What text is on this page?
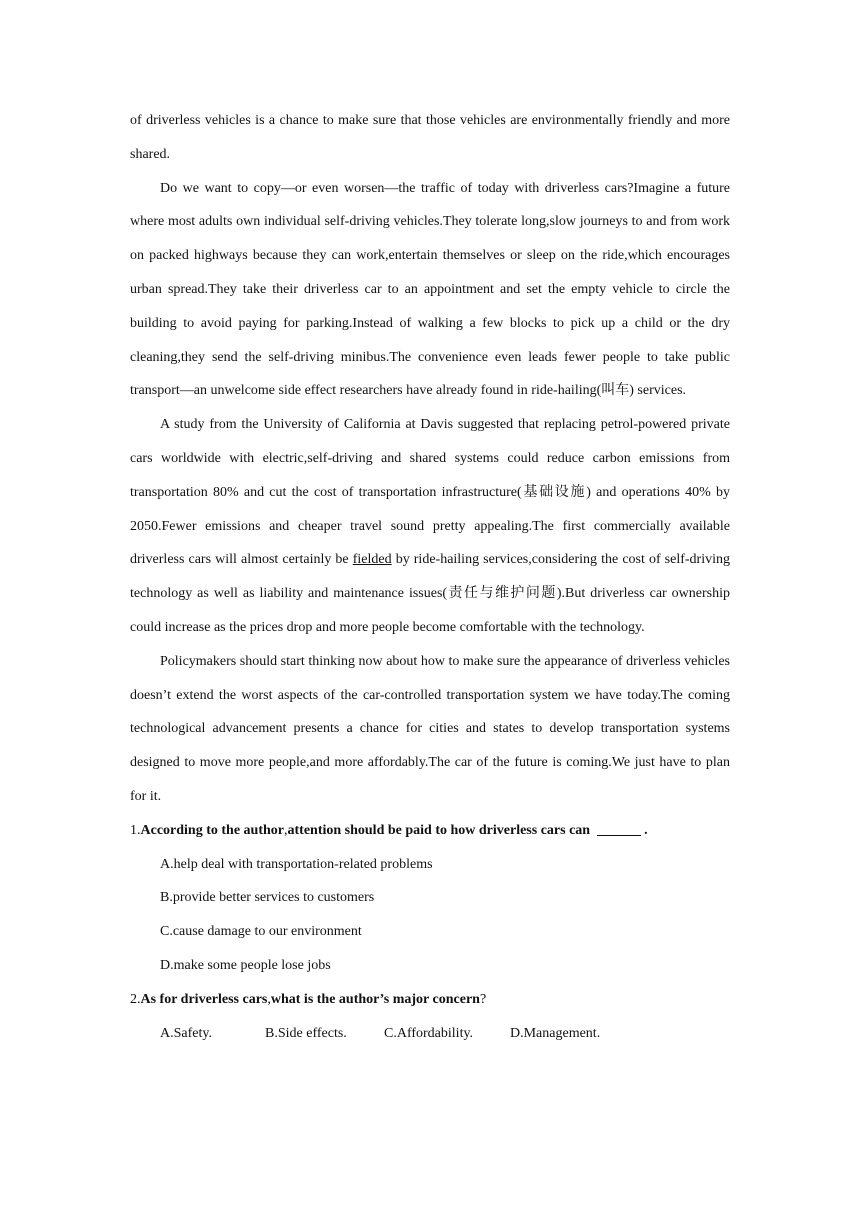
of driverless vehicles is a chance to make sure that those vehicles are environmentally friendly and more shared.

Do we want to copy—or even worsen—the traffic of today with driverless cars?Imagine a future where most adults own individual self-driving vehicles.They tolerate long,slow journeys to and from work on packed highways because they can work,entertain themselves or sleep on the ride,which encourages urban spread.They take their driverless car to an appointment and set the empty vehicle to circle the building to avoid paying for parking.Instead of walking a few blocks to pick up a child or the dry cleaning,they send the self-driving minibus.The convenience even leads fewer people to take public transport—an unwelcome side effect researchers have already found in ride-hailing(叫车) services.

A study from the University of California at Davis suggested that replacing petrol-powered private cars worldwide with electric,self-driving and shared systems could reduce carbon emissions from transportation 80% and cut the cost of transportation infrastructure(基础设施) and operations 40% by 2050.Fewer emissions and cheaper travel sound pretty appealing.The first commercially available driverless cars will almost certainly be fielded by ride-hailing services,considering the cost of self-driving technology as well as liability and maintenance issues(责任与维护问题).But driverless car ownership could increase as the prices drop and more people become comfortable with the technology.

Policymakers should start thinking now about how to make sure the appearance of driverless vehicles doesn’t extend the worst aspects of the car-controlled transportation system we have today.The coming technological advancement presents a chance for cities and states to develop transportation systems designed to move more people,and more affordably.The car of the future is coming.We just have to plan for it.

1.According to the author,attention should be paid to how driverless cars can	.

A.help deal with transportation-related problems

B.provide better services to customers

C.cause damage to our environment

D.make some people lose jobs

2.As for driverless cars,what is the author’s major concern?

A.Safety.	B.Side effects.	C.Affordability.	D.Management.
